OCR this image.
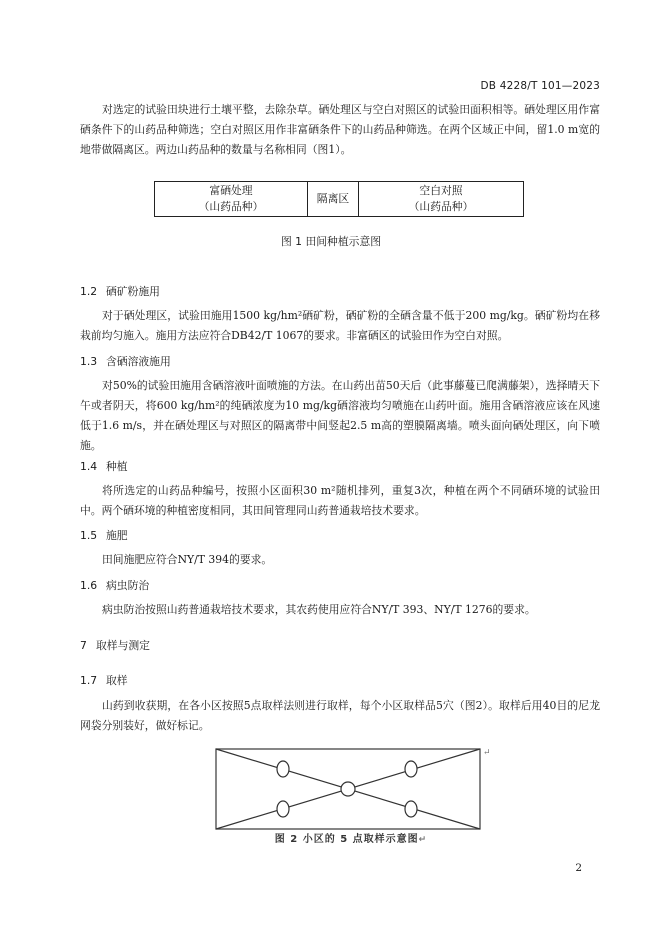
DB 4228/T 101—2023

对选定的试验田块进行土壤平整，去除杂草。硒处理区与空白对照区的试验田面积相等。硒处理区用作富硒条件下的山药品种筛选；空白对照区用作非富硒条件下的山药品种筛选。在两个区域正中间，留1.0 m宽的地带做隔离区。两边山药品种的数量与名称相同（图1）。

富硒处理
（山药品种）
	隔离区	
空白对照
（山药品种）
图 1 田间种植示意图
1.2 硒矿粉施用

对于硒处理区，试验田施用1500 kg/hm²硒矿粉，硒矿粉的全硒含量不低于200 mg/kg。硒矿粉均在移栽前均匀施入。施用方法应符合DB42/T 1067的要求。非富硒区的试验田作为空白对照。

1.3 含硒溶液施用

对50%的试验田施用含硒溶液叶面喷施的方法。在山药出苗50天后（此事藤蔓已爬满藤架），选择晴天下午或者阴天，将600 kg/hm²的纯硒浓度为10 mg/kg硒溶液均匀喷施在山药叶面。施用含硒溶液应该在风速低于1.6 m/s，并在硒处理区与对照区的隔离带中间竖起2.5 m高的塑膜隔离墙。喷头面向硒处理区，向下喷施。

1.4 种植

将所选定的山药品种编号，按照小区面积30 m²随机排列，重复3次，种植在两个不同硒环境的试验田中。两个硒环境的种植密度相同，其田间管理同山药普通栽培技术要求。

1.5 施肥

田间施肥应符合NY/T 394的要求。

1.6 病虫防治

病虫防治按照山药普通栽培技术要求，其农药使用应符合NY/T 393、NY/T 1276的要求。

7 取样与测定
1.7 取样

山药到收获期，在各小区按照5点取样法则进行取样，每个小区取样品5穴（图2）。取样后用40目的尼龙网袋分别装好，做好标记。

↵
图 2 小区的 5 点取样示意图↵
2
